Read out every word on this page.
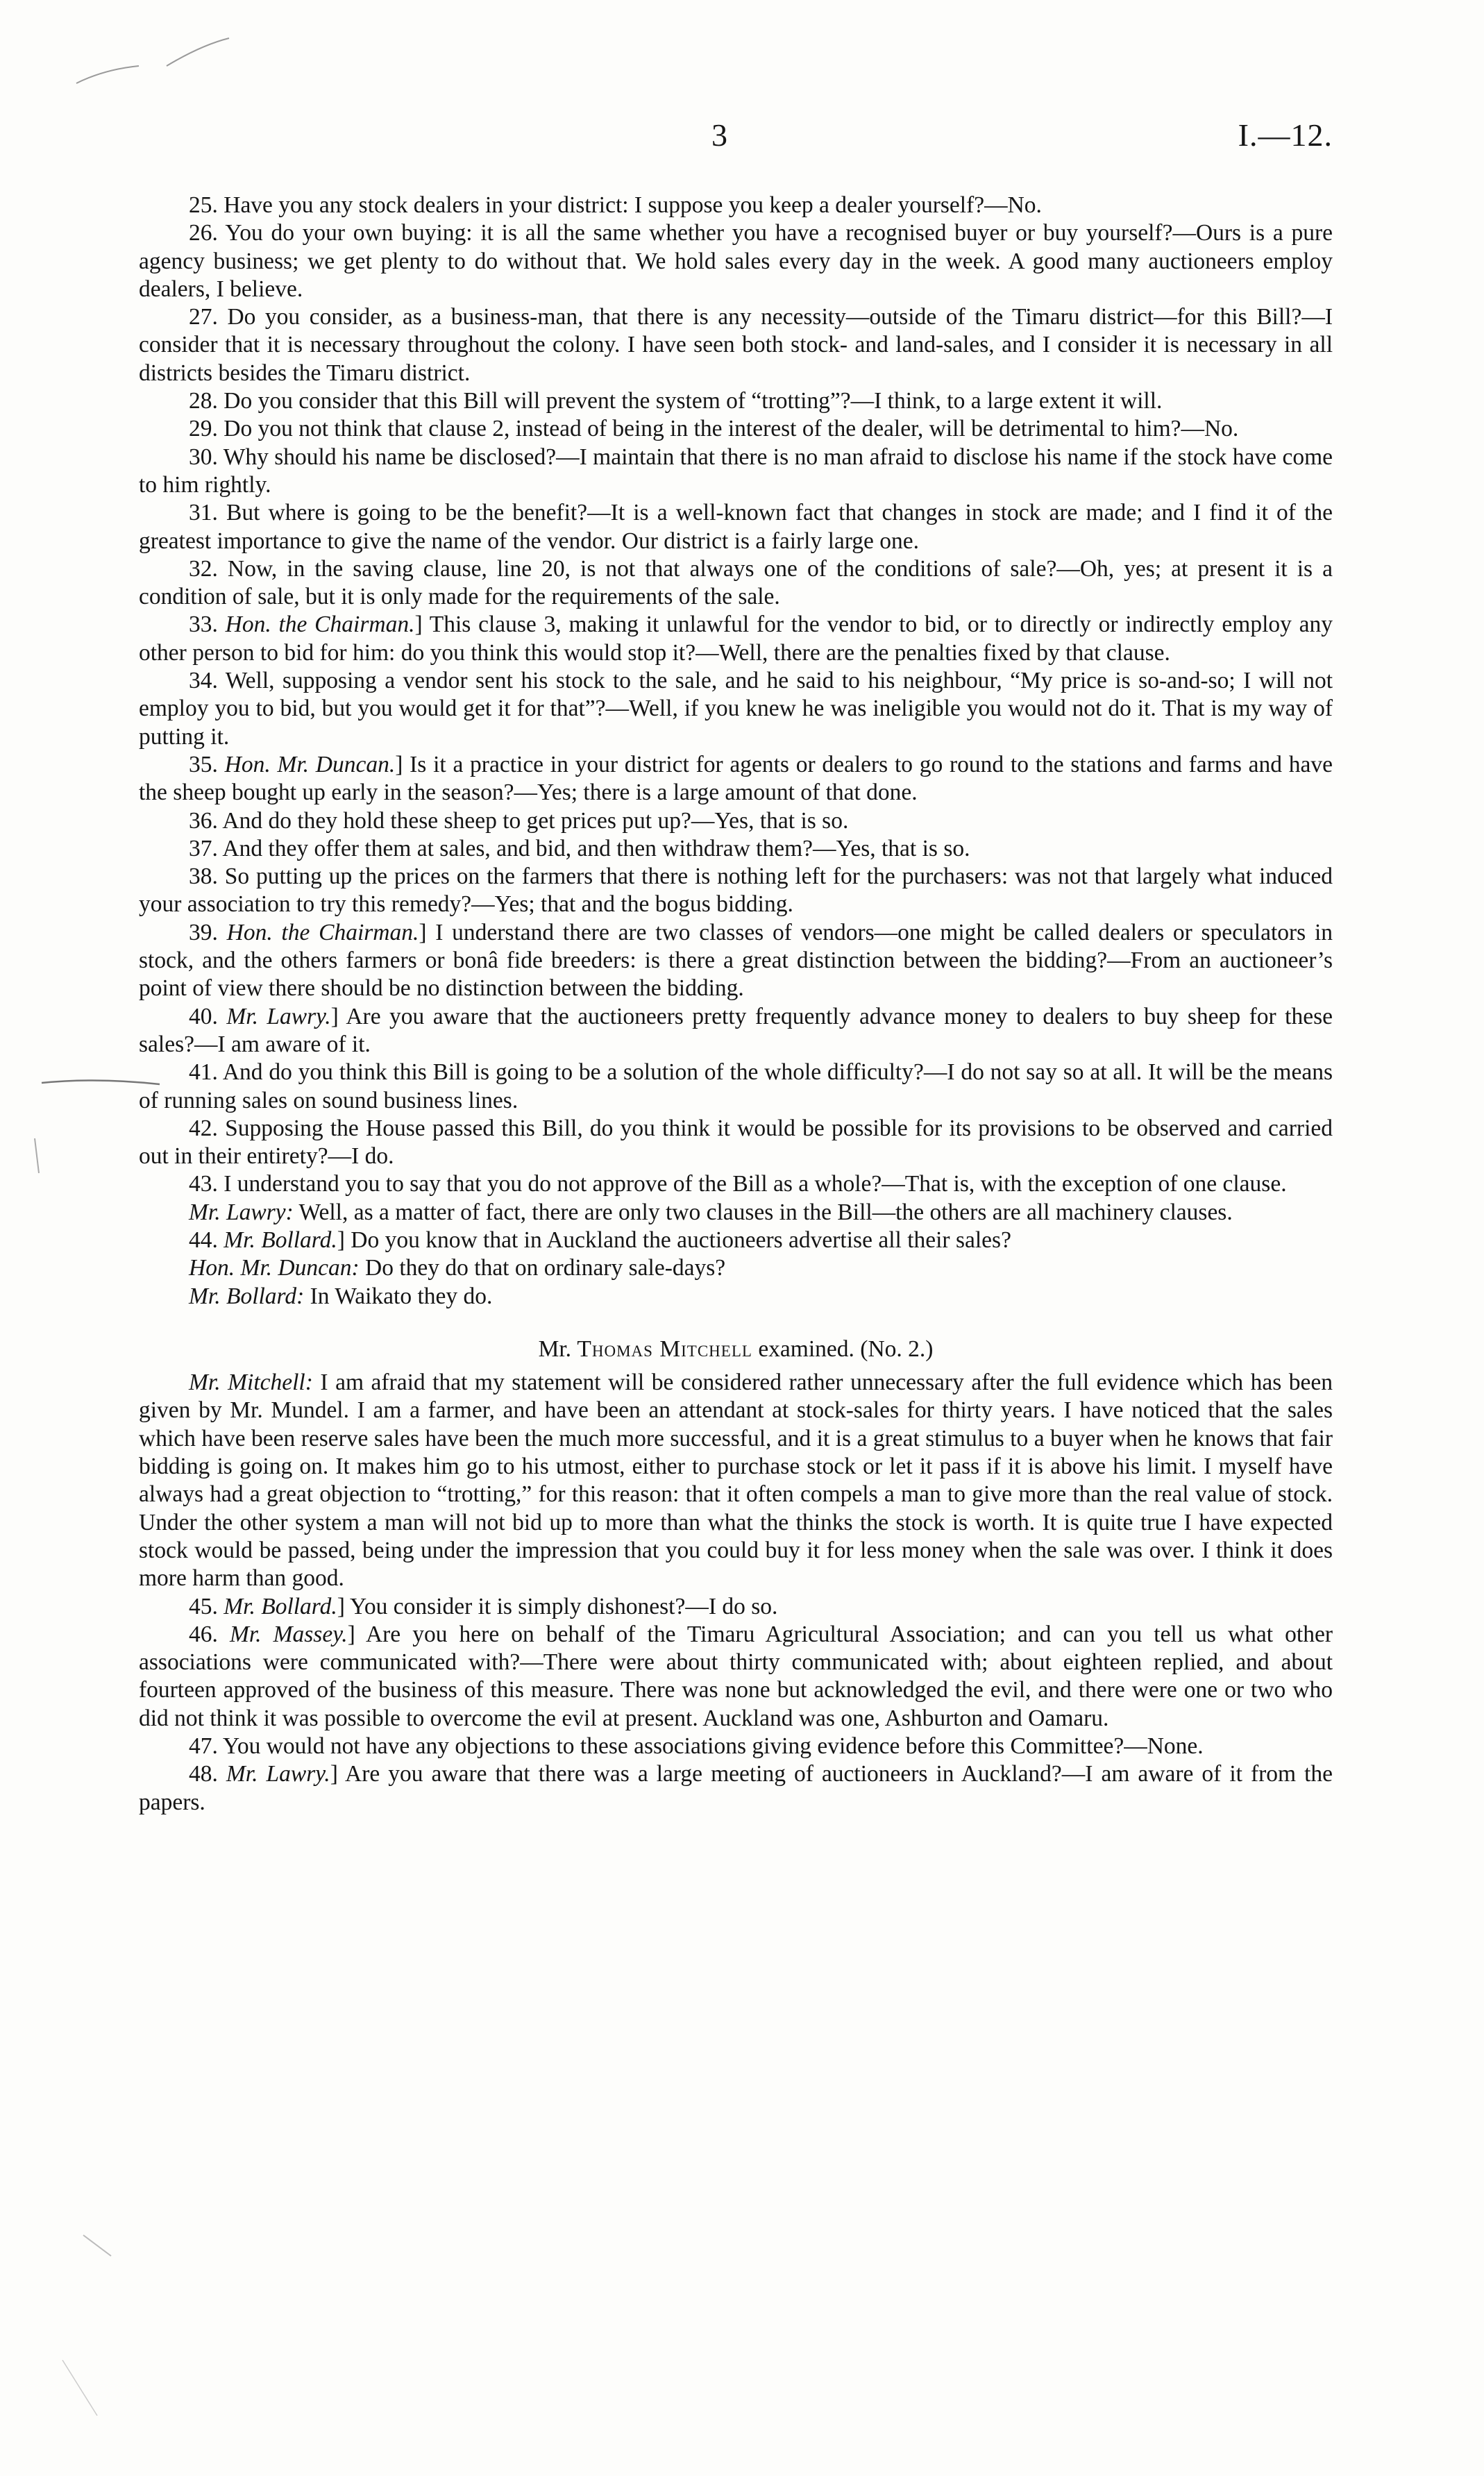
3	I.—12.

25. Have you any stock dealers in your district: I suppose you keep a dealer yourself?—No.

26. You do your own buying: it is all the same whether you have a recognised buyer or buy yourself?—Ours is a pure agency business; we get plenty to do without that. We hold sales every day in the week. A good many auctioneers employ dealers, I believe.

27. Do you consider, as a business-man, that there is any necessity—outside of the Timaru district—for this Bill?—I consider that it is necessary throughout the colony. I have seen both stock- and land-sales, and I consider it is necessary in all districts besides the Timaru district.

28. Do you consider that this Bill will prevent the system of “trotting”?—I think, to a large extent it will.

29. Do you not think that clause 2, instead of being in the interest of the dealer, will be detrimental to him?—No.

30. Why should his name be disclosed?—I maintain that there is no man afraid to disclose his name if the stock have come to him rightly.

31. But where is going to be the benefit?—It is a well-known fact that changes in stock are made; and I find it of the greatest importance to give the name of the vendor. Our district is a fairly large one.

32. Now, in the saving clause, line 20, is not that always one of the conditions of sale?—Oh, yes; at present it is a condition of sale, but it is only made for the requirements of the sale.

33. Hon. the Chairman.] This clause 3, making it unlawful for the vendor to bid, or to directly or indirectly employ any other person to bid for him: do you think this would stop it?—Well, there are the penalties fixed by that clause.

34. Well, supposing a vendor sent his stock to the sale, and he said to his neighbour, “My price is so-and-so; I will not employ you to bid, but you would get it for that”?—Well, if you knew he was ineligible you would not do it. That is my way of putting it.

35. Hon. Mr. Duncan.] Is it a practice in your district for agents or dealers to go round to the stations and farms and have the sheep bought up early in the season?—Yes; there is a large amount of that done.

36. And do they hold these sheep to get prices put up?—Yes, that is so.

37. And they offer them at sales, and bid, and then withdraw them?—Yes, that is so.

38. So putting up the prices on the farmers that there is nothing left for the purchasers: was not that largely what induced your association to try this remedy?—Yes; that and the bogus bidding.

39. Hon. the Chairman.] I understand there are two classes of vendors—one might be called dealers or speculators in stock, and the others farmers or bonâ fide breeders: is there a great distinction between the bidding?—From an auctioneer’s point of view there should be no distinction between the bidding.

40. Mr. Lawry.] Are you aware that the auctioneers pretty frequently advance money to dealers to buy sheep for these sales?—I am aware of it.

41. And do you think this Bill is going to be a solution of the whole difficulty?—I do not say so at all. It will be the means of running sales on sound business lines.

42. Supposing the House passed this Bill, do you think it would be possible for its provisions to be observed and carried out in their entirety?—I do.

43. I understand you to say that you do not approve of the Bill as a whole?—That is, with the exception of one clause.

Mr. Lawry: Well, as a matter of fact, there are only two clauses in the Bill—the others are all machinery clauses.

44. Mr. Bollard.] Do you know that in Auckland the auctioneers advertise all their sales?

Hon. Mr. Duncan: Do they do that on ordinary sale-days?

Mr. Bollard: In Waikato they do.

Mr. Thomas Mitchell examined. (No. 2.)

Mr. Mitchell: I am afraid that my statement will be considered rather unnecessary after the full evidence which has been given by Mr. Mundel. I am a farmer, and have been an attendant at stock-sales for thirty years. I have noticed that the sales which have been reserve sales have been the much more successful, and it is a great stimulus to a buyer when he knows that fair bidding is going on. It makes him go to his utmost, either to purchase stock or let it pass if it is above his limit. I myself have always had a great objection to “trotting,” for this reason: that it often compels a man to give more than the real value of stock. Under the other system a man will not bid up to more than what the thinks the stock is worth. It is quite true I have expected stock would be passed, being under the impression that you could buy it for less money when the sale was over. I think it does more harm than good.

45. Mr. Bollard.] You consider it is simply dishonest?—I do so.

46. Mr. Massey.] Are you here on behalf of the Timaru Agricultural Association; and can you tell us what other associations were communicated with?—There were about thirty communicated with; about eighteen replied, and about fourteen approved of the business of this measure. There was none but acknowledged the evil, and there were one or two who did not think it was possible to overcome the evil at present. Auckland was one, Ashburton and Oamaru.

47. You would not have any objections to these associations giving evidence before this Committee?—None.

48. Mr. Lawry.] Are you aware that there was a large meeting of auctioneers in Auckland?—I am aware of it from the papers.
